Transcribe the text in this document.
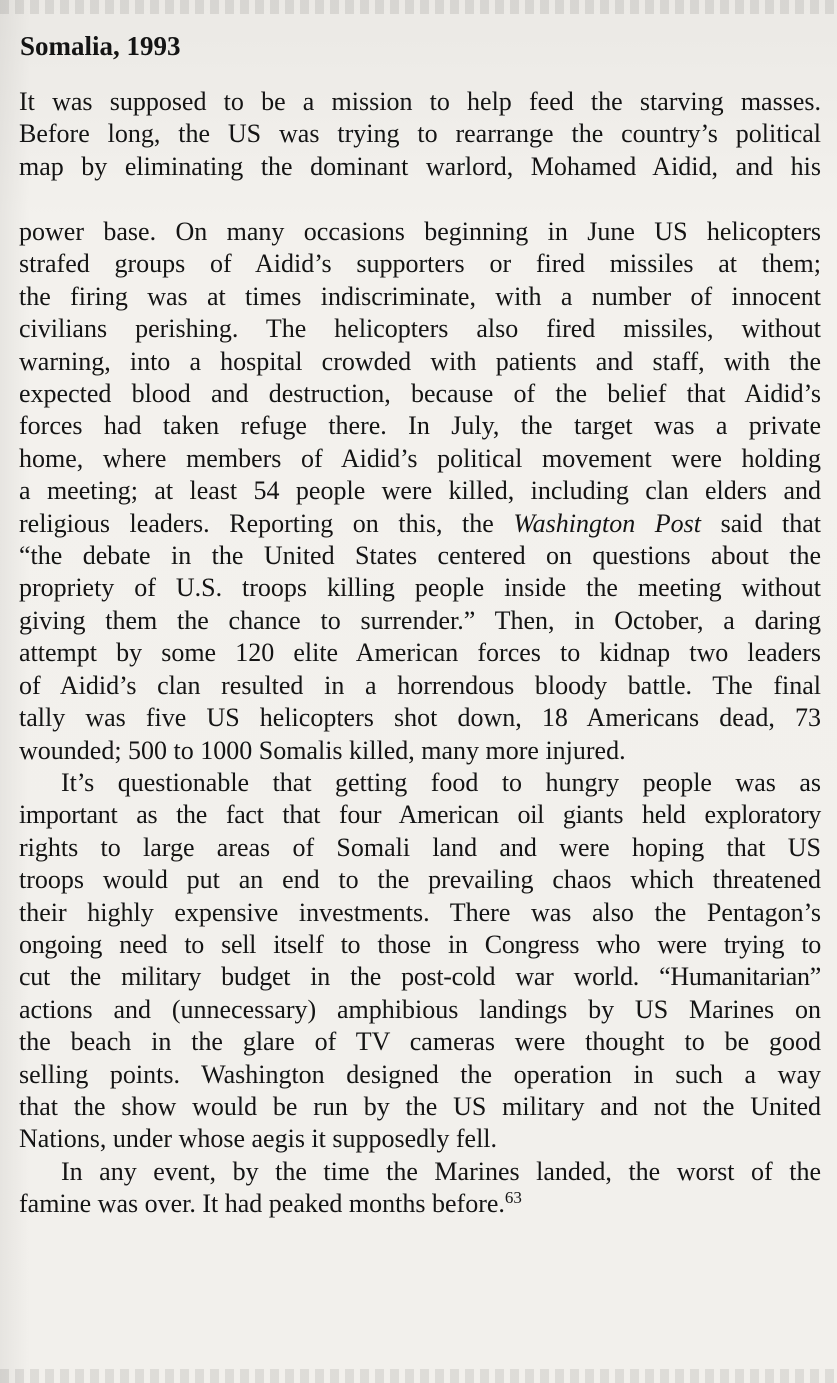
Somalia, 1993
It was supposed to be a mission to help feed the starving masses.
Before long, the US was trying to rearrange the country’s political
map by eliminating the dominant warlord, Mohamed Aidid, and his
power base. On many occasions beginning in June US helicopters
strafed groups of Aidid’s supporters or fired missiles at them;
the firing was at times indiscriminate, with a number of innocent
civilians perishing. The helicopters also fired missiles, without
warning, into a hospital crowded with patients and staff, with the
expected blood and destruction, because of the belief that Aidid’s
forces had taken refuge there. In July, the target was a private
home, where members of Aidid’s political movement were holding
a meeting; at least 54 people were killed, including clan elders and
religious leaders. Reporting on this, the Washington Post said that
“the debate in the United States centered on questions about the
propriety of U.S. troops killing people inside the meeting without
giving them the chance to surrender.” Then, in October, a daring
attempt by some 120 elite American forces to kidnap two leaders
of Aidid’s clan resulted in a horrendous bloody battle. The final
tally was five US helicopters shot down, 18 Americans dead, 73
wounded; 500 to 1000 Somalis killed, many more injured.
It’s questionable that getting food to hungry people was as
important as the fact that four American oil giants held exploratory
rights to large areas of Somali land and were hoping that US
troops would put an end to the prevailing chaos which threatened
their highly expensive investments. There was also the Pentagon’s
ongoing need to sell itself to those in Congress who were trying to
cut the military budget in the post-cold war world. “Humanitarian”
actions and (unnecessary) amphibious landings by US Marines on
the beach in the glare of TV cameras were thought to be good
selling points. Washington designed the operation in such a way
that the show would be run by the US military and not the United
Nations, under whose aegis it supposedly fell.
In any event, by the time the Marines landed, the worst of the
famine was over. It had peaked months before.$^{63}$
